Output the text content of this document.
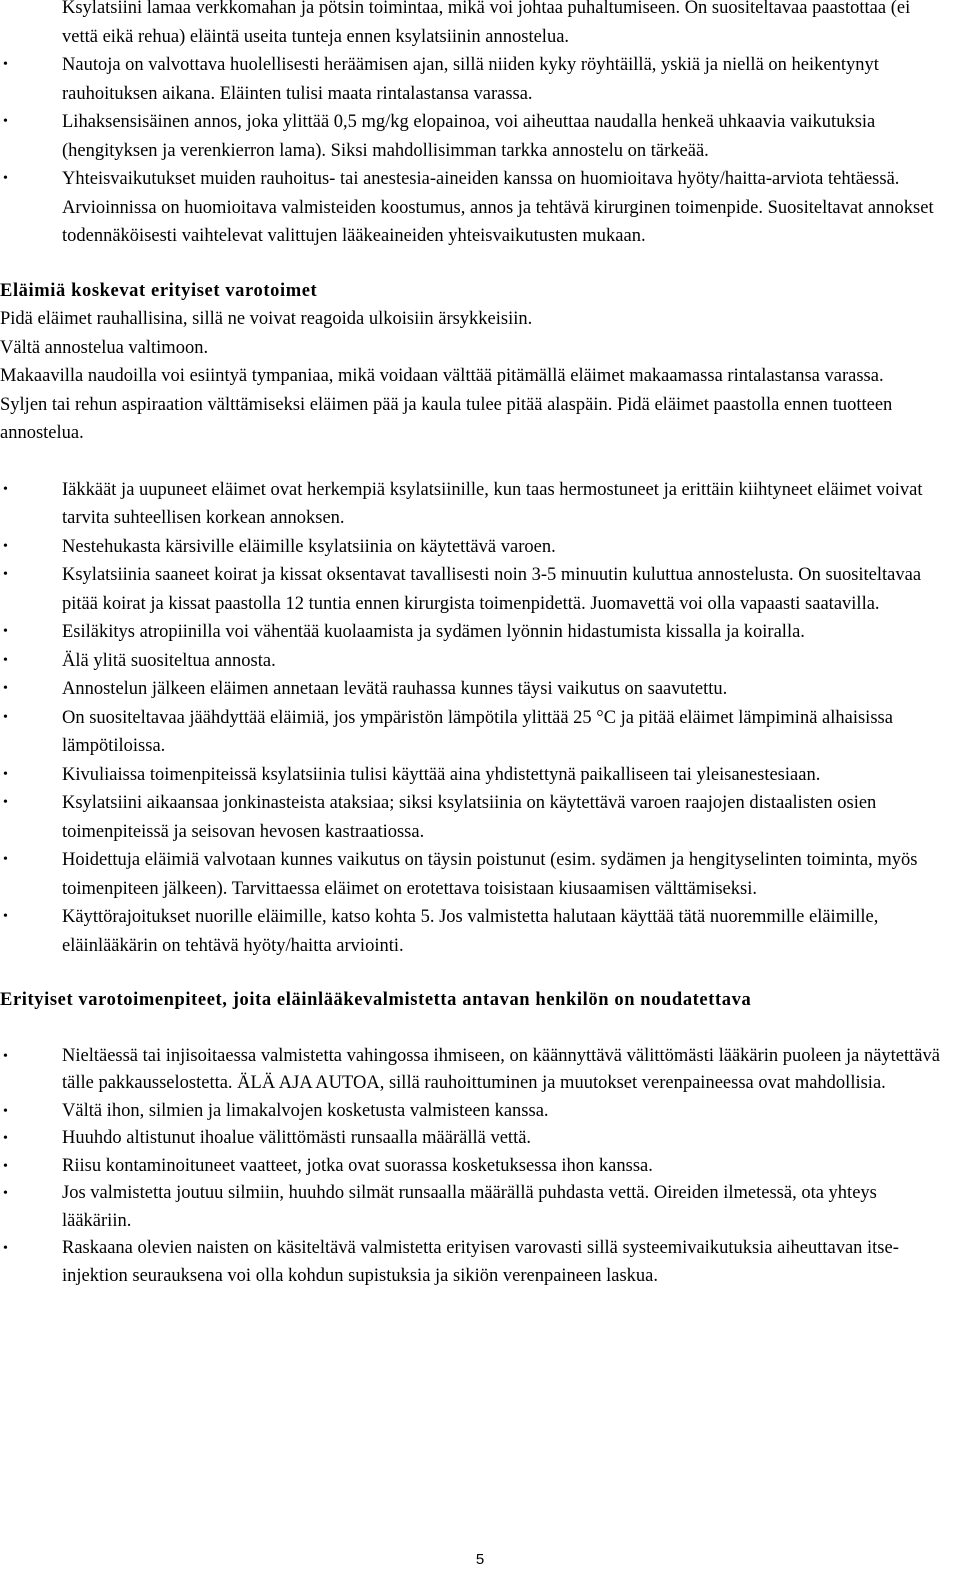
Ksylatsiini lamaa verkkomahan ja pötsin toimintaa, mikä voi johtaa puhaltumiseen. On suositeltavaa paastottaa (ei vettä eikä rehua) eläintä useita tunteja ennen ksylatsiinin annostelua.
• Nautoja on valvottava huolellisesti heräämisen ajan, sillä niiden kyky röyhtäillä, yskiä ja niellä on heikentynyt rauhoituksen aikana. Eläinten tulisi maata rintalastansa varassa.
• Lihaksensisäinen annos, joka ylittää 0,5 mg/kg elopainoa, voi aiheuttaa naudalla henkeä uhkaavia vaikutuksia (hengityksen ja verenkierron lama). Siksi mahdollisimman tarkka annostelu on tärkeää.
• Yhteisvaikutukset muiden rauhoitus- tai anestesia-aineiden kanssa on huomioitava hyöty/haitta-arviota tehtäessä. Arvioinnissa on huomioitava valmisteiden koostumus, annos ja tehtävä kirurginen toimenpide. Suositeltavat annokset todennäköisesti vaihtelevat valittujen lääkeaineiden yhteisvaikutusten mukaan.

Eläimiä koskevat erityiset varotoimet

Pidä eläimet rauhallisina, sillä ne voivat reagoida ulkoisiin ärsykkeisiin.

Vältä annostelua valtimoon.

Makaavilla naudoilla voi esiintyä tympaniaa, mikä voidaan välttää pitämällä eläimet makaamassa rintalastansa varassa.

Syljen tai rehun aspiraation välttämiseksi eläimen pää ja kaula tulee pitää alaspäin. Pidä eläimet paastolla ennen tuotteen annostelua.

• Iäkkäät ja uupuneet eläimet ovat herkempiä ksylatsiinille, kun taas hermostuneet ja erittäin kiihtyneet eläimet voivat tarvita suhteellisen korkean annoksen.
• Nestehukasta kärsiville eläimille ksylatsiinia on käytettävä varoen.
• Ksylatsiinia saaneet koirat ja kissat oksentavat tavallisesti noin 3-5 minuutin kuluttua annostelusta. On suositeltavaa pitää koirat ja kissat paastolla 12 tuntia ennen kirurgista toimenpidettä. Juomavettä voi olla vapaasti saatavilla.
• Esiläkitys atropiinilla voi vähentää kuolaamista ja sydämen lyönnin hidastumista kissalla ja koiralla.
• Älä ylitä suositeltua annosta.
• Annostelun jälkeen eläimen annetaan levätä rauhassa kunnes täysi vaikutus on saavutettu.
• On suositeltavaa jäähdyttää eläimiä, jos ympäristön lämpötila ylittää 25 °C ja pitää eläimet lämpiminä alhaisissa lämpötiloissa.
• Kivuliaissa toimenpiteissä ksylatsiinia tulisi käyttää aina yhdistettynä paikalliseen tai yleisanestesiaan.
• Ksylatsiini aikaansaa jonkinasteista ataksiaa; siksi ksylatsiinia on käytettävä varoen raajojen distaalisten osien toimenpiteissä ja seisovan hevosen kastraatiossa.
• Hoidettuja eläimiä valvotaan kunnes vaikutus on täysin poistunut (esim. sydämen ja hengityselinten toiminta, myös toimenpiteen jälkeen). Tarvittaessa eläimet on erotettava toisistaan kiusaamisen välttämiseksi.
• Käyttörajoitukset nuorille eläimille, katso kohta 5. Jos valmistetta halutaan käyttää tätä nuoremmille eläimille, eläinlääkärin on tehtävä hyöty/haitta arviointi.

Erityiset varotoimenpiteet, joita eläinlääkevalmistetta antavan henkilön on noudatettava

• Nieltäessä tai injisoitaessa valmistetta vahingossa ihmiseen, on käännyttävä välittömästi lääkärin puoleen ja näytettävä tälle pakkausselostetta. ÄLÄ AJA AUTOA, sillä rauhoittuminen ja muutokset verenpaineessa ovat mahdollisia.
• Vältä ihon, silmien ja limakalvojen kosketusta valmisteen kanssa.
• Huuhdo altistunut ihoalue välittömästi runsaalla määrällä vettä.
• Riisu kontaminoituneet vaatteet, jotka ovat suorassa kosketuksessa ihon kanssa.
• Jos valmistetta joutuu silmiin, huuhdo silmät runsaalla määrällä puhdasta vettä. Oireiden ilmetessä, ota yhteys lääkäriin.
• Raskaana olevien naisten on käsiteltävä valmistetta erityisen varovasti sillä systeemivaikutuksia aiheuttavan itse-injektion seurauksena voi olla kohdun supistuksia ja sikiön verenpaineen laskua.
5
